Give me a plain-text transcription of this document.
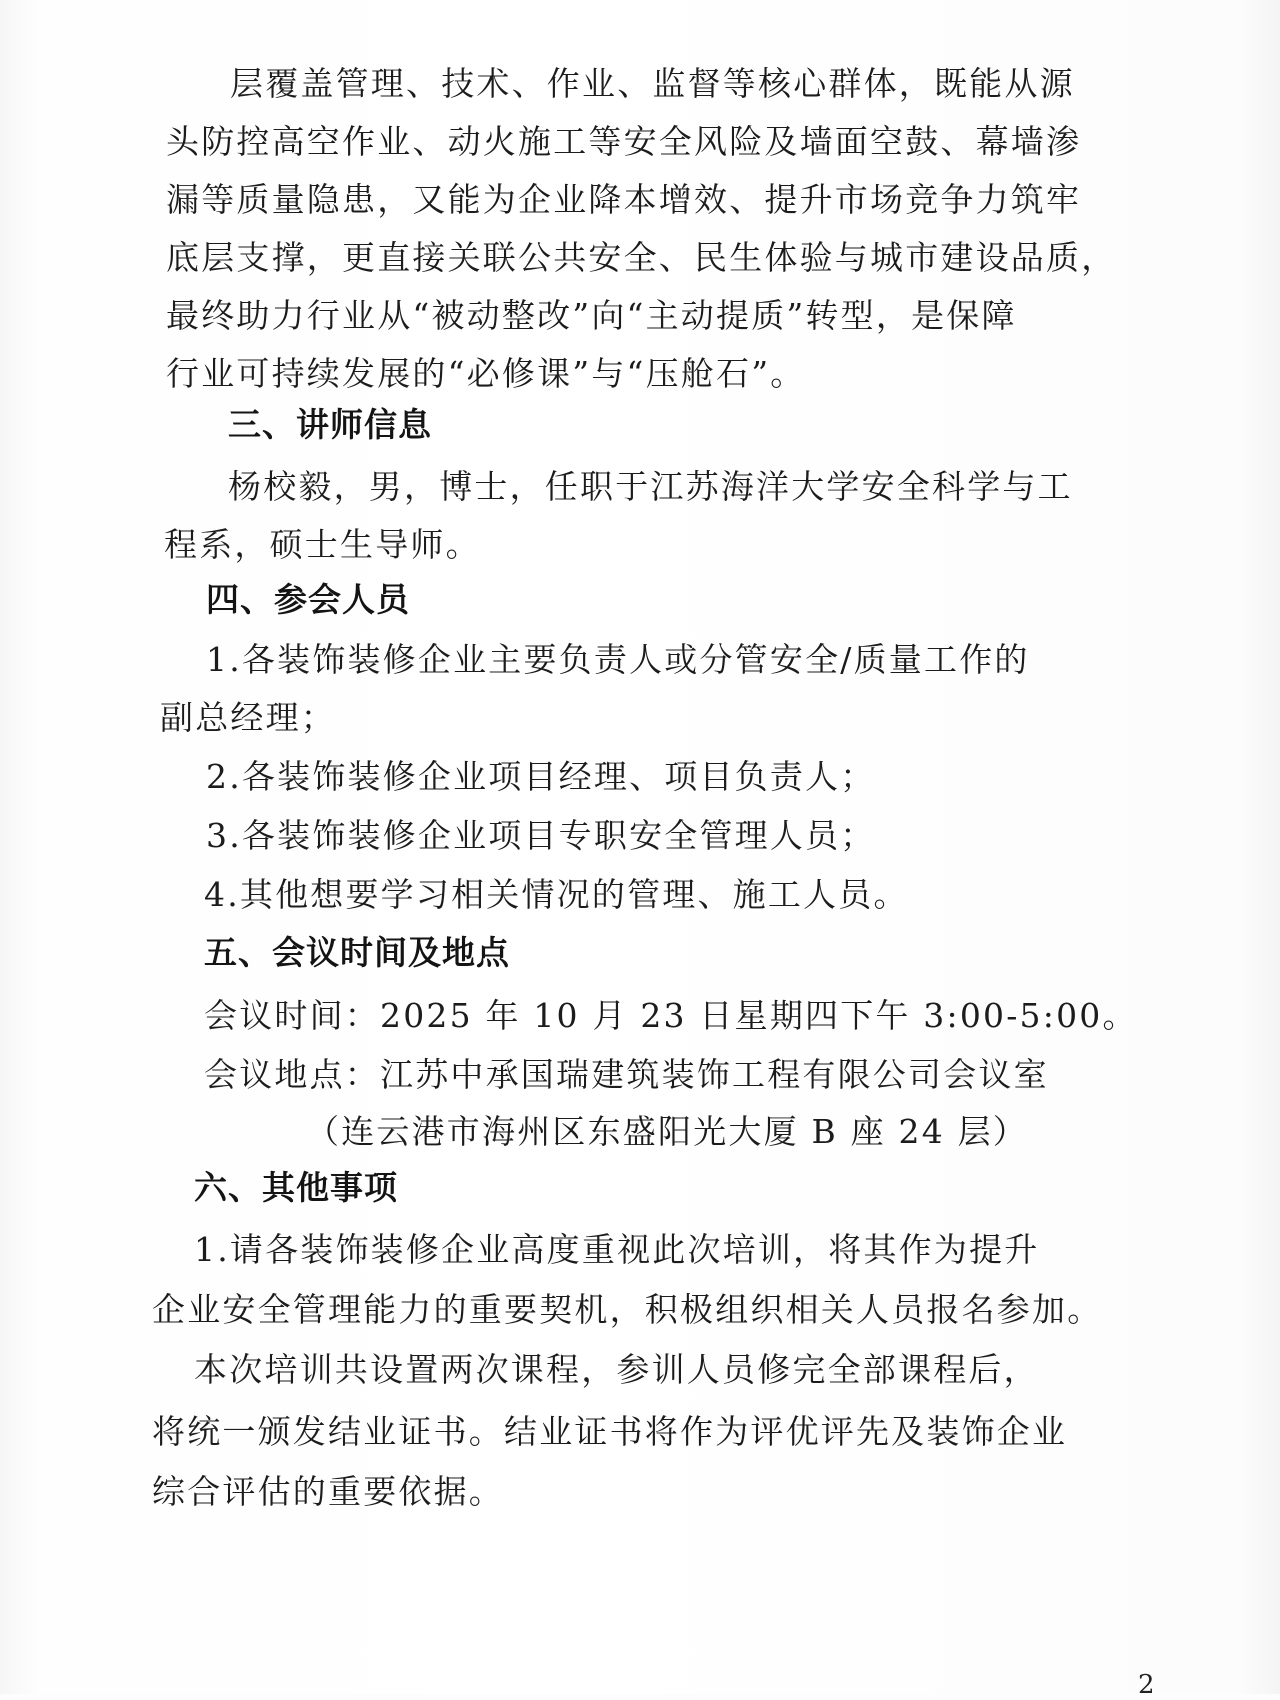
层覆盖管理、技术、作业、监督等核心群体，既能从源
头防控高空作业、动火施工等安全风险及墙面空鼓、幕墙渗
漏等质量隐患，又能为企业降本增效、提升市场竞争力筑牢
底层支撑，更直接关联公共安全、民生体验与城市建设品质，
最终助力行业从“被动整改”向“主动提质”转型，是保障
行业可持续发展的“必修课”与“压舱石”。
三、讲师信息
杨校毅，男，博士，任职于江苏海洋大学安全科学与工
程系，硕士生导师。
四、参会人员
1.各装饰装修企业主要负责人或分管安全/质量工作的
副总经理；
2.各装饰装修企业项目经理、项目负责人；
3.各装饰装修企业项目专职安全管理人员；
4.其他想要学习相关情况的管理、施工人员。
五、会议时间及地点
会议时间：2025 年 10 月 23 日星期四下午 3:00-5:00。
会议地点：江苏中承国瑞建筑装饰工程有限公司会议室
（连云港市海州区东盛阳光大厦 B 座 24 层）
六、其他事项
1.请各装饰装修企业高度重视此次培训，将其作为提升
企业安全管理能力的重要契机，积极组织相关人员报名参加。
本次培训共设置两次课程，参训人员修完全部课程后，
将统一颁发结业证书。结业证书将作为评优评先及装饰企业
综合评估的重要依据。
2
